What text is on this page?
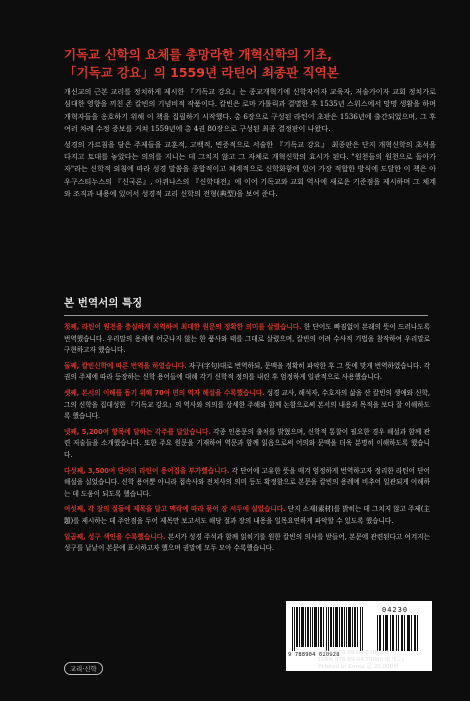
기독교 신학의 요체를 총망라한 개혁신학의 기초,
「기독교 강요」의 1559년 라틴어 최종판 직역본

개신교의 근본 교리를 정치하게 제시한 『기독교 강요』는 종교개혁기에 신학자이자 교육자, 저술가이자 교회 정치가로 심대한 영향을 끼친 존 칼빈의 기념비적 작품이다. 칼빈은 로마 가톨릭과 결별한 후 1535년 스위스에서 망명 생활을 하며 개혁자들을 옹호하기 위해 이 책을 집필하기 시작했다. 총 6장으로 구성된 라틴어 초판은 1536년에 출간되었으며, 그 후 여러 차례 수정 증보를 거쳐 1559년에 총 4권 80장으로 구성된 최종 결정판이 나왔다.

성경의 가르침을 담은 주제들을 교훈적, 고백적, 변증적으로 서술한 『기독교 강요』 최종판은 단지 개혁신학의 초석을 다지고 토대를 놓았다는 의의를 지니는 데 그치지 않고 그 자체로 개혁신학의 효시가 된다. "원천들의 원천으로 돌아가자"라는 신학적 외침에 따라 성경 말씀을 종합적이고 체계적으로 신학화함에 있어 가장 적합한 방식에 도달한 이 책은 아우구스티누스의 『신국론』, 아퀴나스의 『신학대전』에 이어 기독교와 교회 역사에 새로운 기준점을 제시하며 그 체계와 조직과 내용에 있어서 성경적 교리 신학의 전형(典型)을 보여 준다.

본 번역서의 특징
첫째, 라틴어 원전을 충실하게 직역하여 최대한 원문의 정확한 의미를 살렸습니다. 한 단어도 빠짐없이 본래의 뜻이 드러나도록 번역했습니다. 우리말의 용례에 어긋나지 않는 한 품사와 태를 그대로 살렸으며, 칼빈의 어려 수사적 기법을 참작하여 우리말로 구현하고자 했습니다.
둘째, 칼빈신학에 따른 번역을 하였습니다. 자구(字句)대로 번역하되, 문맥을 정확히 파악한 후 그 뜻에 맞게 번역하였습니다. 각 권의 주제에 따라 등장하는 신학 용어들에 대해 각기 신학적 정의를 내린 후 엄정하게 일관적으로 사용했습니다.
셋째, 본서의 이해를 돕기 위해 70여 면의 역자 해설을 수록했습니다. 성경 교사, 해석자, 수호자의 삶을 산 칼빈의 생애와 신학, 그의 신학을 집대성한 『기독교 강요』의 역사와 의의를 상세한 주해와 함께 논함으로써 본서의 내용과 목적을 보다 잘 이해하도록 했습니다.
넷째, 5,200여 항목에 달하는 각주를 달았습니다. 각종 인용문의 출처를 밝혔으며, 신학적 통찰이 필요한 경우 해설과 함께 관련 저술들을 소개했습니다. 또한 주요 원문을 기재하여 역문과 함께 읽음으로써 어의와 문맥을 더욱 분명히 이해하도록 했습니다.
다섯째, 3,500여 단어의 라틴어 용어집을 부가했습니다. 각 단어에 고유한 뜻을 매겨 엄정하게 번역하고자 정리한 라틴어 단어 해설을 실었습니다. 신학 용어뿐 아니라 접속사와 전치사의 의미 등도 확정함으로 본문을 칼빈의 용례에 비추어 일관되게 이해하는 데 도움이 되도록 했습니다.
여섯째, 각 장의 절들에 제목을 달고 맥락에 따라 묶어 장 서두에 실었습니다. 단지 소재(素材)를 밝히는 데 그치지 않고 주제(主題)를 제시하는 데 주안점을 두어 제목만 보고서도 해당 절과 장의 내용을 일목요연하게 파악할 수 있도록 했습니다.
일곱째, 성구 색인을 수록했습니다. 본서가 성경 주석과 함께 읽히기를 원한 칼빈의 의사를 받들어, 본문에 관련된다고 여겨지는 성구를 낱낱이 본문에 표시하고자 했으며 권말에 모두 모아 수록했습니다.
9 788904 020928
04230
ISBN 978-89-04-02092-8
ISBN 978-89-04-70060-8(세트)
Printed in Korea 값 29,000원
교리·신학
